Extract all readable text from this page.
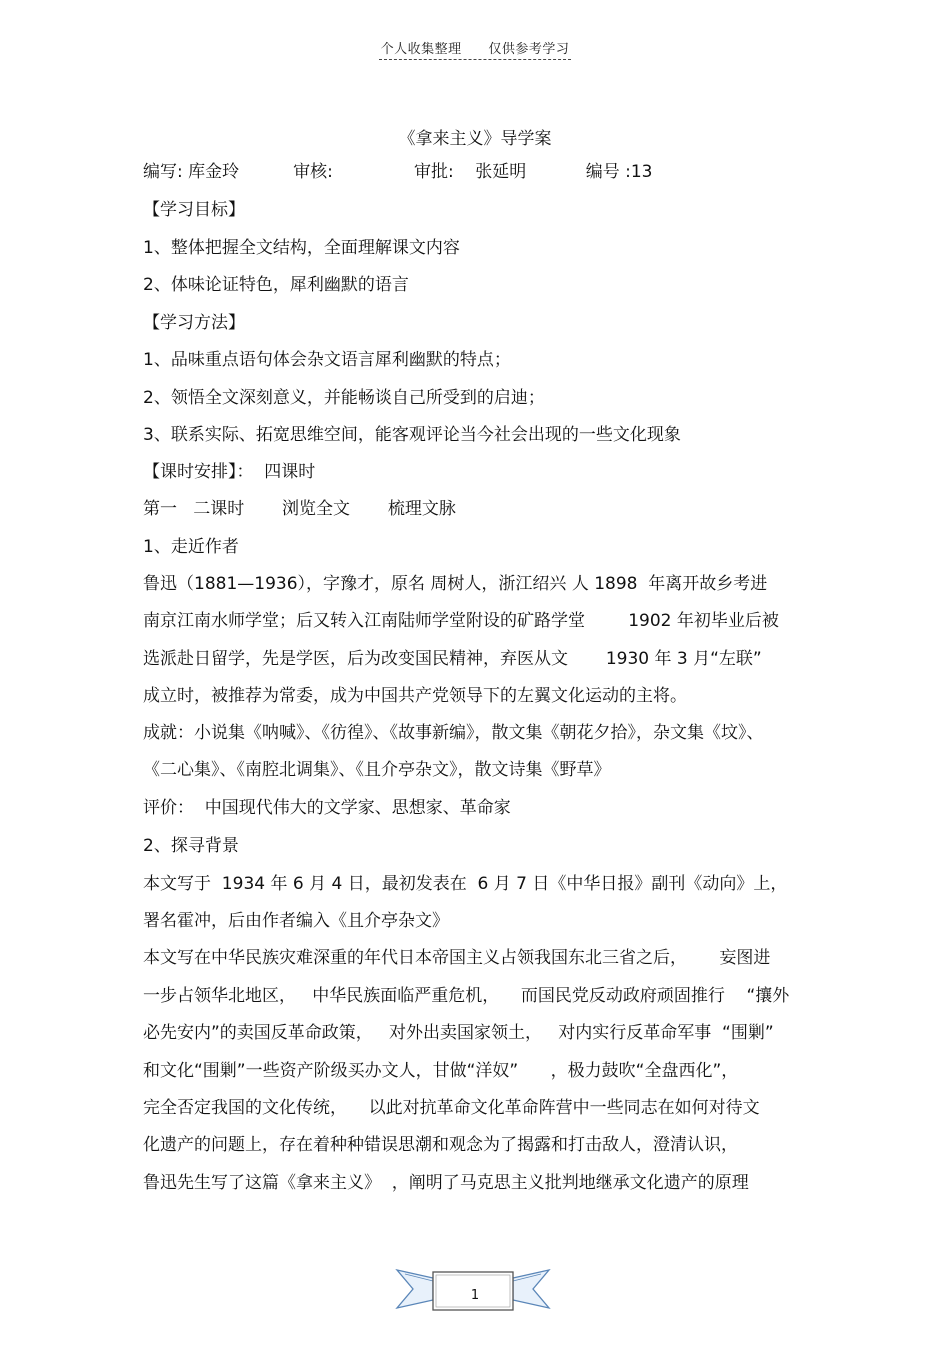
个人收集整理 仅供参考学习
《拿来主义》导学案
编写: 库金玲          审核:               审批:    张延明           编号 :13
【学习目标】
1、整体把握全文结构，全面理解课文内容
2、体味论证特色，犀利幽默的语言
【学习方法】
1、品味重点语句体会杂文语言犀利幽默的特点；
2、领悟全文深刻意义，并能畅谈自己所受到的启迪；
3、联系实际、拓宽思维空间，能客观评论当今社会出现的一些文化现象
【课时安排】：  四课时
第一   二课时       浏览全文       梳理文脉
1、走近作者
鲁迅（1881—1936），字豫才，原名 周树人，浙江绍兴 人 1898  年离开故乡考进
南京江南水师学堂；后又转入江南陆师学堂附设的矿路学堂        1902 年初毕业后被
选派赴日留学，先是学医，后为改变国民精神，弃医从文       1930 年 3 月“左联”
成立时，被推荐为常委，成为中国共产党领导下的左翼文化运动的主将。
成就：小说集《呐喊》、《彷徨》、《故事新编》，散文集《朝花夕拾》，杂文集《坟》、
《二心集》、《南腔北调集》、《且介亭杂文》，散文诗集《野草》
评价：  中国现代伟大的文学家、思想家、革命家
2、探寻背景
本文写于  1934 年 6 月 4 日，最初发表在  6 月 7 日《中华日报》副刊《动向》上，
署名霍冲，后由作者编入《且介亭杂文》
本文写在中华民族灾难深重的年代日本帝国主义占领我国东北三省之后，      妄图进
一步占领华北地区，   中华民族面临严重危机，    而国民党反动政府顽固推行    “攘外
必先安内”的卖国反革命政策，   对外出卖国家领土，   对内实行反革命军事  “围剿”
和文化“围剿”一些资产阶级买办文人，甘做“洋奴”      ，极力鼓吹“全盘西化”，
完全否定我国的文化传统，    以此对抗革命文化革命阵营中一些同志在如何对待文
化遗产的问题上，存在着种种错误思潮和观念为了揭露和打击敌人，澄清认识，
鲁迅先生写了这篇《拿来主义》  ，阐明了马克思主义批判地继承文化遗产的原理
1
